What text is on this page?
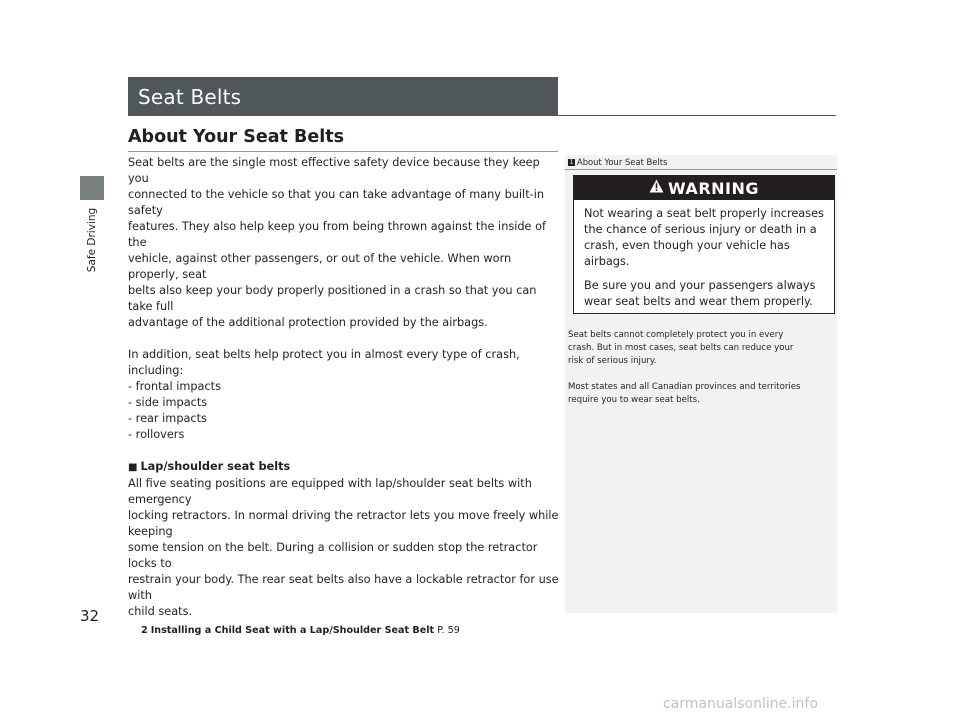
Safe Driving
32
Seat Belts
About Your Seat Belts

Seat belts are the single most effective safety device because they keep you
connected to the vehicle so that you can take advantage of many built-in safety
features. They also help keep you from being thrown against the inside of the
vehicle, against other passengers, or out of the vehicle. When worn properly, seat
belts also keep your body properly positioned in a crash so that you can take full
advantage of the additional protection provided by the airbags.

In addition, seat belts help protect you in almost every type of crash, including:
- frontal impacts
- side impacts
- rear impacts
- rollovers

■ Lap/shoulder seat belts

All five seating positions are equipped with lap/shoulder seat belts with emergency
locking retractors. In normal driving the retractor lets you move freely while keeping
some tension on the belt. During a collision or sudden stop the retractor locks to
restrain your body. The rear seat belts also have a lockable retractor for use with
child seats.

2 Installing a Child Seat with a Lap/Shoulder Seat Belt P. 59
1 About Your Seat Belts
WARNING

Not wearing a seat belt properly increases
the chance of serious injury or death in a
crash, even though your vehicle has
airbags.

Be sure you and your passengers always
wear seat belts and wear them properly.

Seat belts cannot completely protect you in every
crash. But in most cases, seat belts can reduce your
risk of serious injury.

Most states and all Canadian provinces and territories
require you to wear seat belts.

carmanualsonline.info
